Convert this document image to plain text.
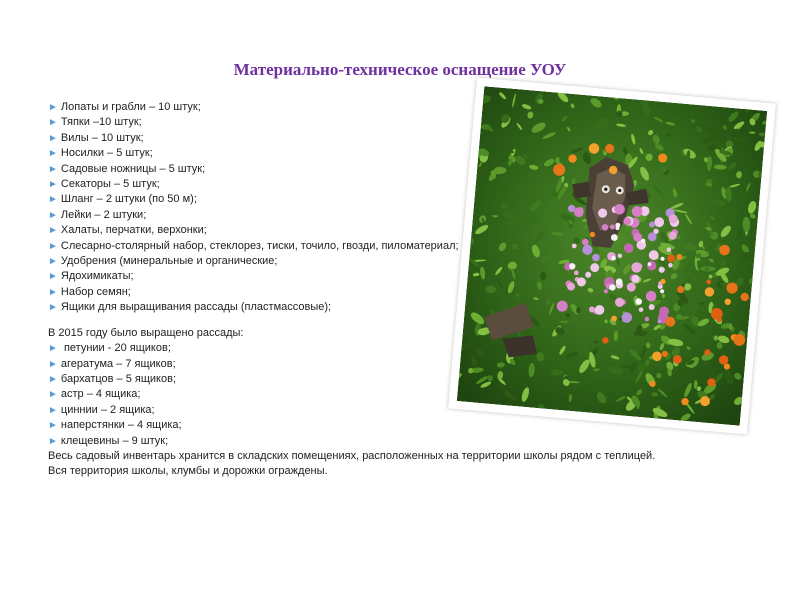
Материально-техническое оснащение УОУ
► Лопаты и грабли – 10 штук;
► Тяпки –10 штук;
► Вилы – 10 штук;
► Носилки – 5 штук;
► Садовые ножницы – 5 штук;
► Секаторы – 5 штук;
► Шланг – 2 штуки (по 50 м);
► Лейки – 2 штуки;
► Халаты, перчатки, верхонки;
► Слесарно-столярный набор, стеклорез, тиски, точило, гвозди, пиломатериал;
► Удобрения (минеральные и органические;
► Ядохимикаты;
► Набор семян;
► Ящики для выращивания рассады (пластмассовые);
В 2015 году было выращено рассады:
► петунии - 20 ящиков;
► агератума – 7 ящиков;
► бархатцов – 5 ящиков;
► астр – 4 ящика;
► циннии – 2 ящика;
► наперстянки – 4 ящика;
► клещевины – 9 штук;
Весь садовый инвентарь хранится в складских помещениях, расположенных на территории школы рядом с теплицей.
Вся территория школы, клумбы и дорожки ограждены.
